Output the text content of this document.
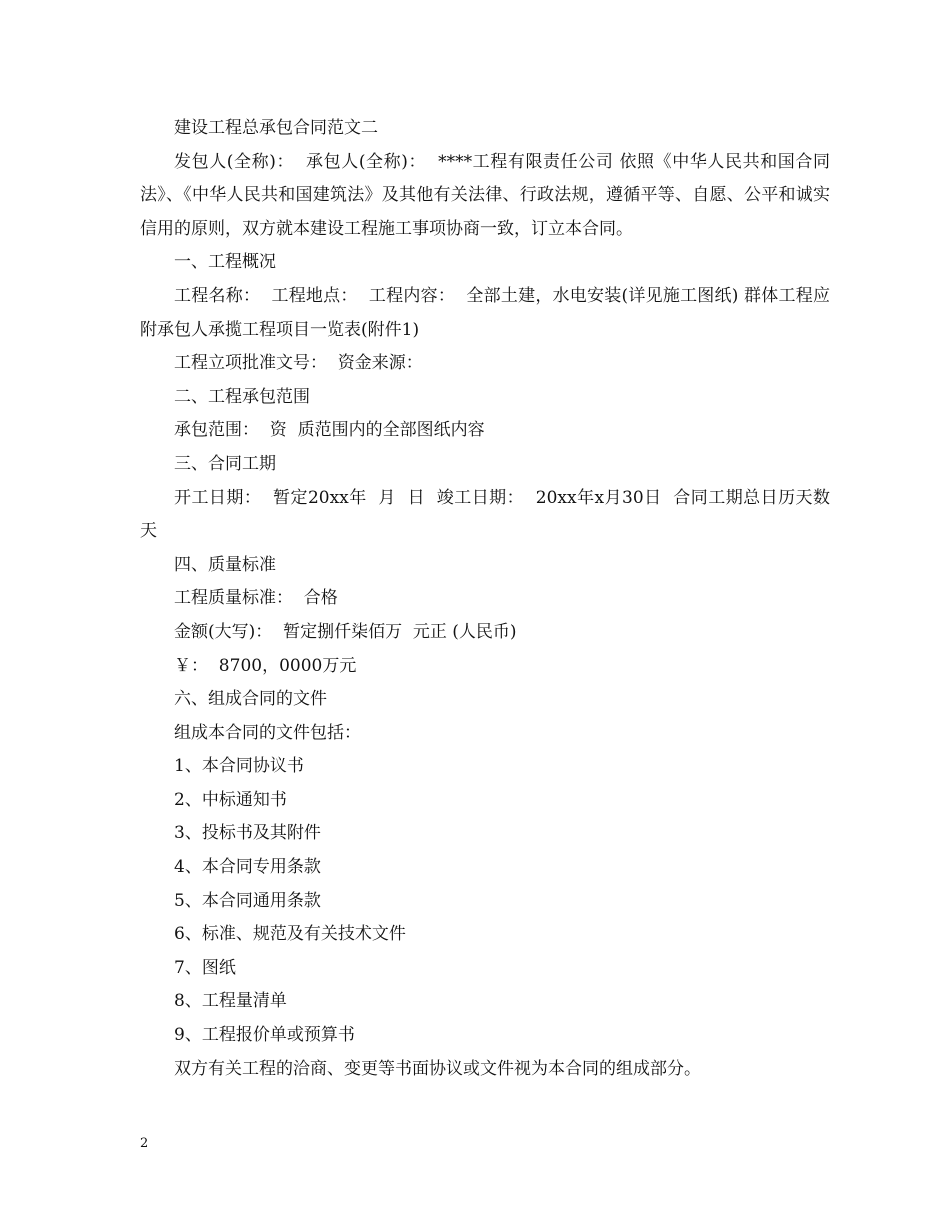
建设工程总承包合同范文二

发包人(全称)：  承包人(全称)：  ****工程有限责任公司 依照《中华人民共和国合同法》、《中华人民共和国建筑法》及其他有关法律、行政法规，遵循平等、自愿、公平和诚实信用的原则，双方就本建设工程施工事项协商一致，订立本合同。

一、工程概况

工程名称：  工程地点：  工程内容：  全部土建，水电安装(详见施工图纸) 群体工程应附承包人承揽工程项目一览表(附件1)

工程立项批准文号：  资金来源：

二、工程承包范围

承包范围：  资  质范围内的全部图纸内容

三、合同工期

开工日期：  暂定20xx年  月  日  竣工日期：  20xx年x月30日  合同工期总日历天数  天

四、质量标准

工程质量标准：  合格

金额(大写)：  暂定捌仟柒佰万  元正 (人民币)

￥：  8700，0000万元

六、组成合同的文件

组成本合同的文件包括：

1、本合同协议书

2、中标通知书

3、投标书及其附件

4、本合同专用条款

5、本合同通用条款

6、标准、规范及有关技术文件

7、图纸

8、工程量清单

9、工程报价单或预算书

双方有关工程的洽商、变更等书面协议或文件视为本合同的组成部分。

2
